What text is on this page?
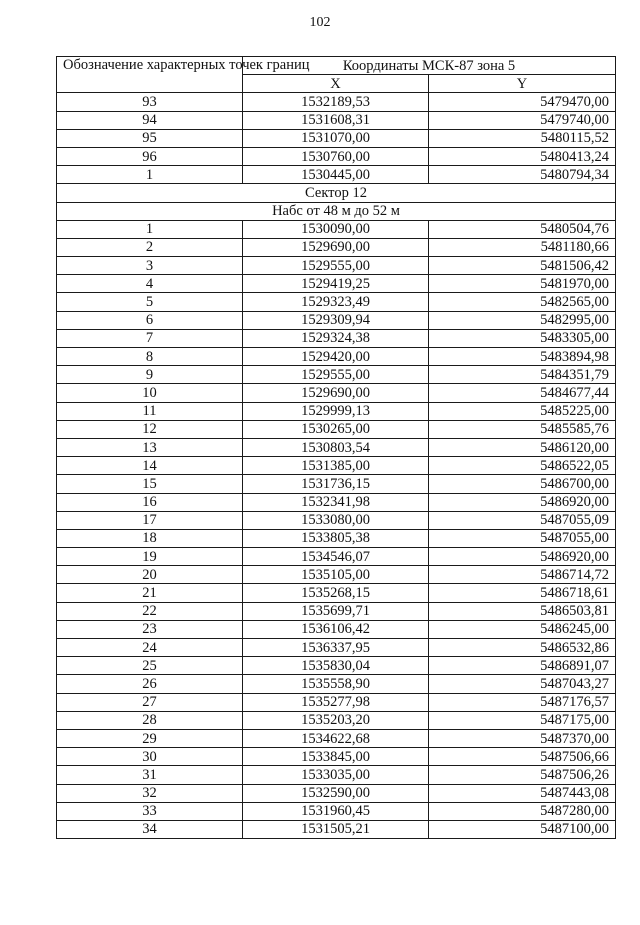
102
Обозначение характерных точек границ	Координаты МСК-87 зона 5	
	X	Y
93	1532189,53	5479470,00
94	1531608,31	5479740,00
95	1531070,00	5480115,52
96	1530760,00	5480413,24
1	1530445,00	5480794,34
Сектор 12		
Набс от 48 м до 52 м		
1	1530090,00	5480504,76
2	1529690,00	5481180,66
3	1529555,00	5481506,42
4	1529419,25	5481970,00
5	1529323,49	5482565,00
6	1529309,94	5482995,00
7	1529324,38	5483305,00
8	1529420,00	5483894,98
9	1529555,00	5484351,79
10	1529690,00	5484677,44
11	1529999,13	5485225,00
12	1530265,00	5485585,76
13	1530803,54	5486120,00
14	1531385,00	5486522,05
15	1531736,15	5486700,00
16	1532341,98	5486920,00
17	1533080,00	5487055,09
18	1533805,38	5487055,00
19	1534546,07	5486920,00
20	1535105,00	5486714,72
21	1535268,15	5486718,61
22	1535699,71	5486503,81
23	1536106,42	5486245,00
24	1536337,95	5486532,86
25	1535830,04	5486891,07
26	1535558,90	5487043,27
27	1535277,98	5487176,57
28	1535203,20	5487175,00
29	1534622,68	5487370,00
30	1533845,00	5487506,66
31	1533035,00	5487506,26
32	1532590,00	5487443,08
33	1531960,45	5487280,00
34	1531505,21	5487100,00
